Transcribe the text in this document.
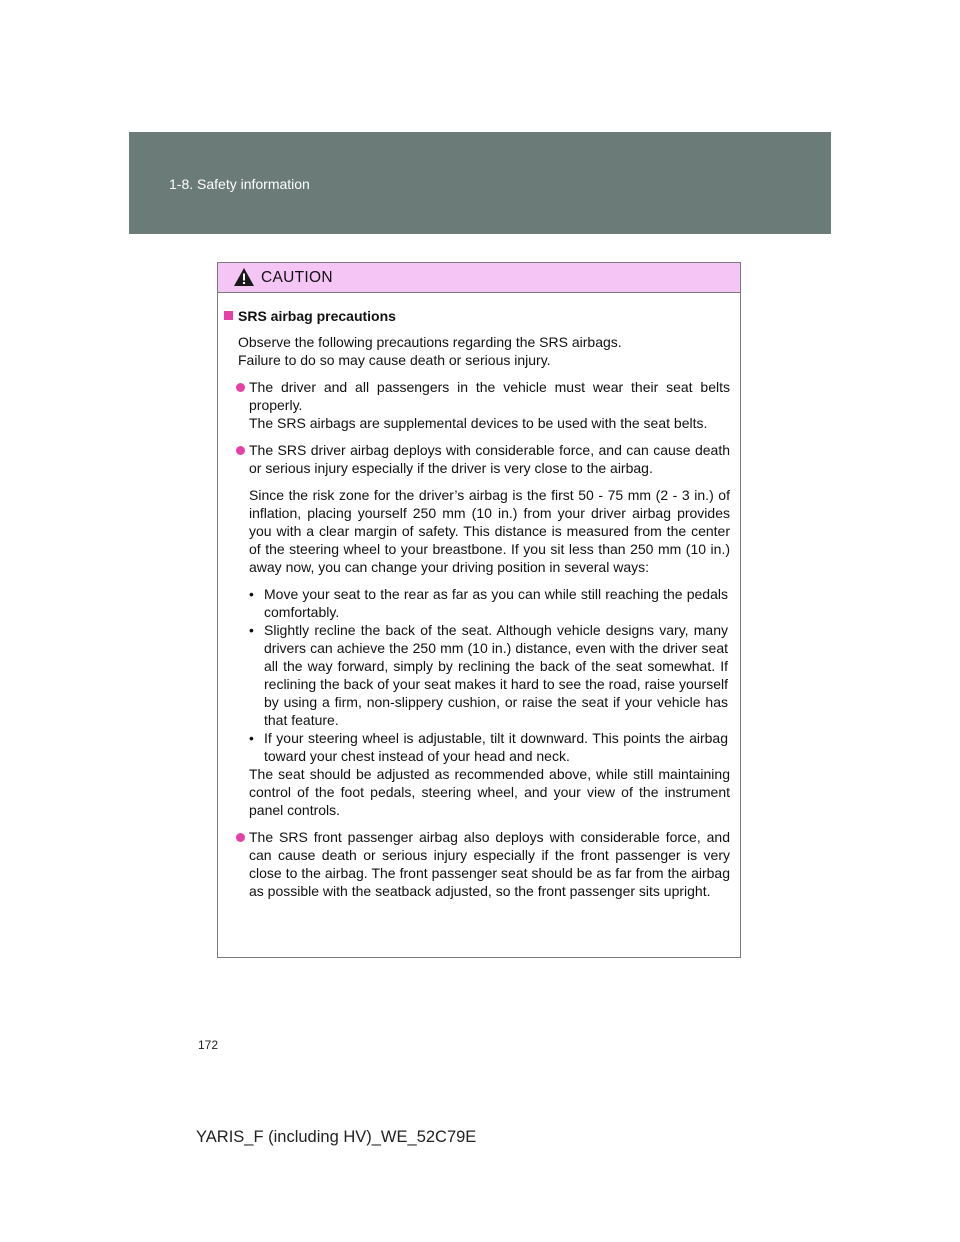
1-8. Safety information
CAUTION
SRS airbag precautions

Observe the following precautions regarding the SRS airbags.

Failure to do so may cause death or serious injury.

The driver and all passengers in the vehicle must wear their seat belts properly.

The SRS airbags are supplemental devices to be used with the seat belts.

The SRS driver airbag deploys with considerable force, and can cause death or serious injury especially if the driver is very close to the airbag.

Since the risk zone for the driver’s airbag is the first 50 - 75 mm (2 - 3 in.) of inflation, placing yourself 250 mm (10 in.) from your driver airbag provides you with a clear margin of safety. This distance is measured from the center of the steering wheel to your breastbone. If you sit less than 250 mm (10 in.) away now, you can change your driving position in several ways:

• Move your seat to the rear as far as you can while still reaching the pedals comfortably.
• Slightly recline the back of the seat. Although vehicle designs vary, many drivers can achieve the 250 mm (10 in.) distance, even with the driver seat all the way forward, simply by reclining the back of the seat somewhat. If reclining the back of your seat makes it hard to see the road, raise yourself by using a firm, non-slippery cushion, or raise the seat if your vehicle has that feature.
• If your steering wheel is adjustable, tilt it downward. This points the airbag toward your chest instead of your head and neck.

The seat should be adjusted as recommended above, while still maintaining control of the foot pedals, steering wheel, and your view of the instrument panel controls.

The SRS front passenger airbag also deploys with considerable force, and can cause death or serious injury especially if the front passenger is very close to the airbag. The front passenger seat should be as far from the airbag as possible with the seatback adjusted, so the front passenger sits upright.

172
YARIS_F (including HV)_WE_52C79E
